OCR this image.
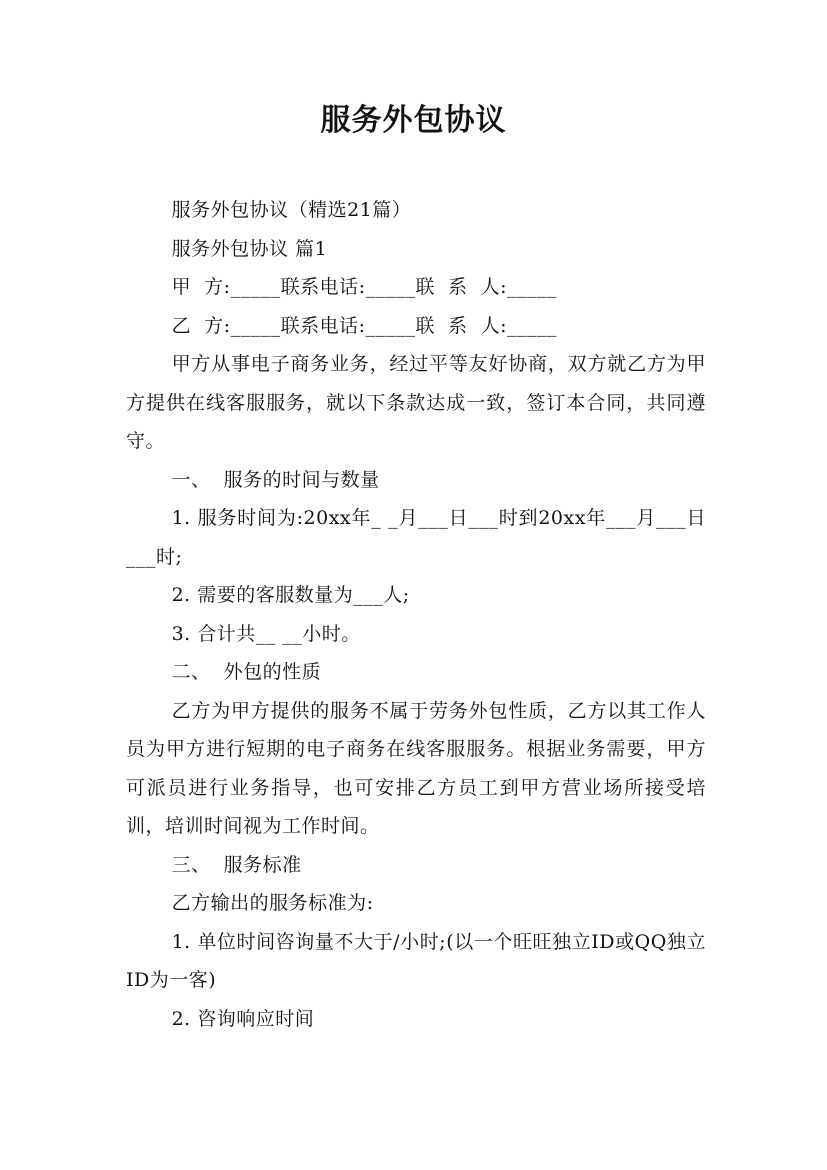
服务外包协议

服务外包协议（精选21篇）

服务外包协议 篇1

甲  方:_____联系电话:_____联  系  人:_____

乙  方:_____联系电话:_____联  系  人:_____

甲方从事电子商务业务，经过平等友好协商，双方就乙方为甲方提供在线客服服务，就以下条款达成一致，签订本合同，共同遵守。

一、  服务的时间与数量

1. 服务时间为:20xx年_ _月___日___时到20xx年___月___日___时;

2. 需要的客服数量为___人;

3. 合计共__ __小时。

二、  外包的性质

乙方为甲方提供的服务不属于劳务外包性质，乙方以其工作人员为甲方进行短期的电子商务在线客服服务。根据业务需要，甲方可派员进行业务指导，也可安排乙方员工到甲方营业场所接受培训，培训时间视为工作时间。

三、  服务标准

乙方输出的服务标准为:

1. 单位时间咨询量不大于/小时;(以一个旺旺独立ID或QQ独立ID为一客)

2. 咨询响应时间
